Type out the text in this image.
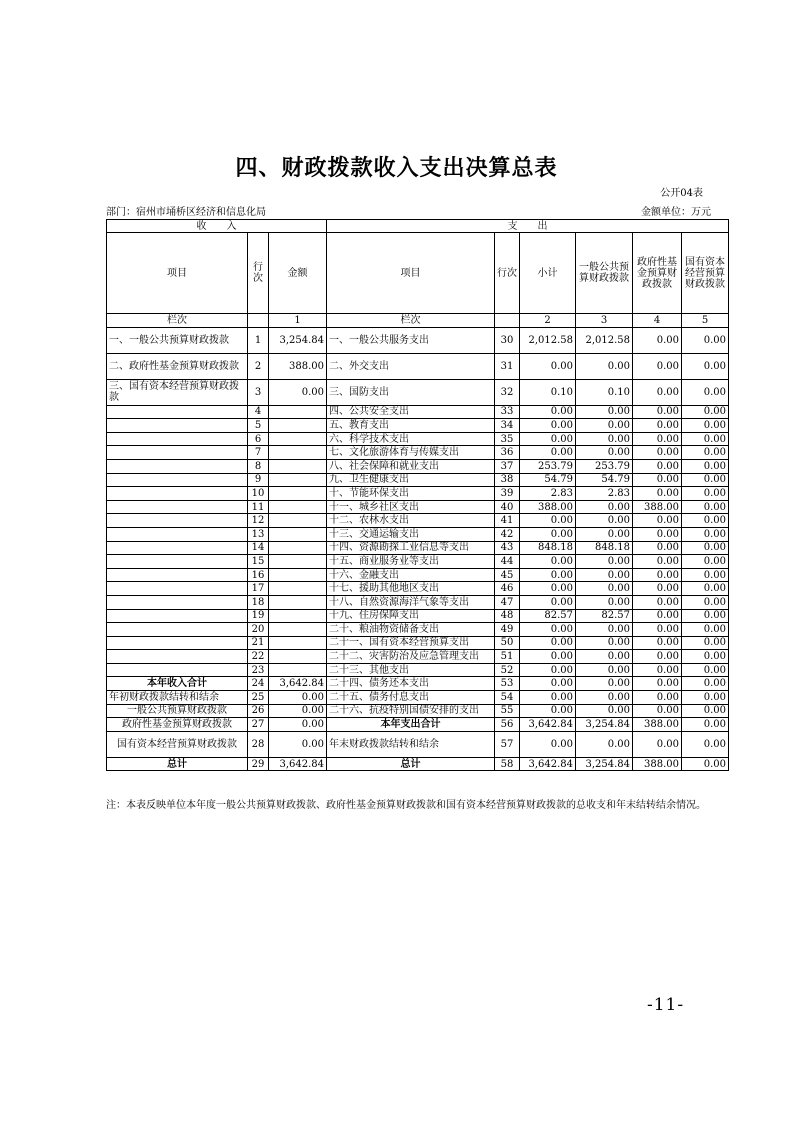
四、财政拨款收入支出决算总表
公开04表
部门：宿州市埇桥区经济和信息化局	金额单位：万元
收　　入			支　　出					
项目	行次	金额	项目	行次	小计	一般公共预算财政拨款	政府性基金预算财政拨款	国有资本经营预算财政拨款
栏次		1	栏次		2	3	4	5
一、一般公共预算财政拨款	1	3,254.84	一、一般公共服务支出	30	2,012.58	2,012.58	0.00	0.00
二、政府性基金预算财政拨款	2	388.00	二、外交支出	31	0.00	0.00	0.00	0.00
三、国有资本经营预算财政拨款	3	0.00	三、国防支出	32	0.10	0.10	0.00	0.00
	4		四、公共安全支出	33	0.00	0.00	0.00	0.00
	5		五、教育支出	34	0.00	0.00	0.00	0.00
	6		六、科学技术支出	35	0.00	0.00	0.00	0.00
	7		七、文化旅游体育与传媒支出	36	0.00	0.00	0.00	0.00
	8		八、社会保障和就业支出	37	253.79	253.79	0.00	0.00
	9		九、卫生健康支出	38	54.79	54.79	0.00	0.00
	10		十、节能环保支出	39	2.83	2.83	0.00	0.00
	11		十一、城乡社区支出	40	388.00	0.00	388.00	0.00
	12		十二、农林水支出	41	0.00	0.00	0.00	0.00
	13		十三、交通运输支出	42	0.00	0.00	0.00	0.00
	14		十四、资源勘探工业信息等支出	43	848.18	848.18	0.00	0.00
	15		十五、商业服务业等支出	44	0.00	0.00	0.00	0.00
	16		十六、金融支出	45	0.00	0.00	0.00	0.00
	17		十七、援助其他地区支出	46	0.00	0.00	0.00	0.00
	18		十八、自然资源海洋气象等支出	47	0.00	0.00	0.00	0.00
	19		十九、住房保障支出	48	82.57	82.57	0.00	0.00
	20		二十、粮油物资储备支出	49	0.00	0.00	0.00	0.00
	21		二十一、国有资本经营预算支出	50	0.00	0.00	0.00	0.00
	22		二十二、灾害防治及应急管理支出	51	0.00	0.00	0.00	0.00
	23		二十三、其他支出	52	0.00	0.00	0.00	0.00
本年收入合计	24	3,642.84	二十四、债务还本支出	53	0.00	0.00	0.00	0.00
年初财政拨款结转和结余	25	0.00	二十五、债务付息支出	54	0.00	0.00	0.00	0.00
一般公共预算财政拨款	26	0.00	二十六、抗疫特别国债安排的支出	55	0.00	0.00	0.00	0.00
政府性基金预算财政拨款	27	0.00	本年支出合计	56	3,642.84	3,254.84	388.00	0.00
国有资本经营预算财政拨款	28	0.00	年末财政拨款结转和结余	57	0.00	0.00	0.00	0.00
总计	29	3,642.84	总计	58	3,642.84	3,254.84	388.00	0.00
注：本表反映单位本年度一般公共预算财政拨款、政府性基金预算财政拨款和国有资本经营预算财政拨款的总收支和年末结转结余情况。
-11-
